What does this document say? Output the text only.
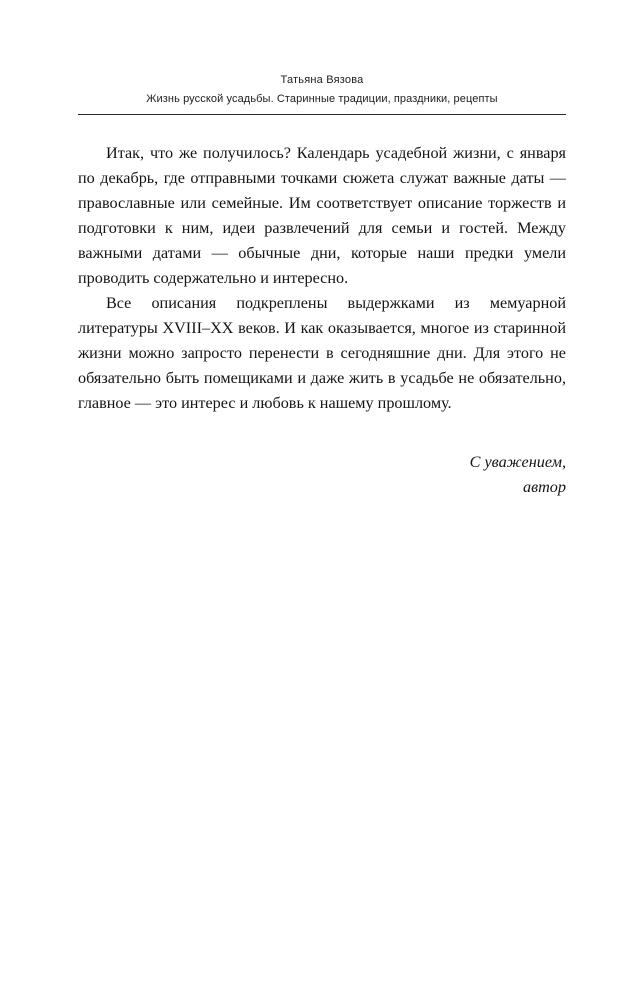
Татьяна Вязова
Жизнь русской усадьбы. Старинные традиции, праздники, рецепты

Итак, что же получилось? Календарь усадебной жизни, с января по декабрь, где отправными точками сюжета служат важные даты — православные или семейные. Им соответствует описание торжеств и подготовки к ним, идеи развлечений для семьи и гостей. Между важными датами — обычные дни, которые наши предки умели проводить содержательно и интересно.

Все описания подкреплены выдержками из мемуарной литературы XVIII–XX веков. И как оказывается, многое из старинной жизни можно запросто перенести в сегодняшние дни. Для этого не обязательно быть помещиками и даже жить в усадьбе не обязательно, главное — это интерес и любовь к нашему прошлому.

С уважением,
автор
